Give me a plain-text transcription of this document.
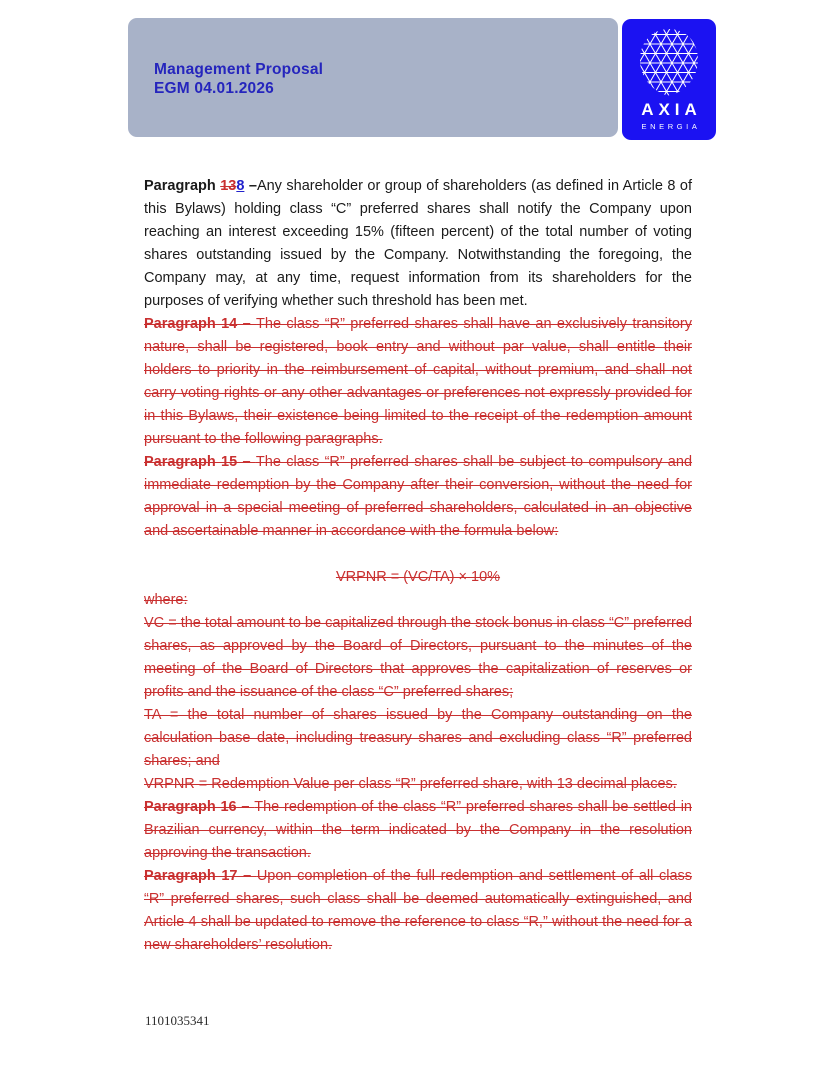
Management Proposal
EGM 04.01.2026
AXIA
ENERGIA

Paragraph 138 –Any shareholder or group of shareholders (as defined in Article 8 of this Bylaws) holding class “C” preferred shares shall notify the Company upon reaching an interest exceeding 15% (fifteen percent) of the total number of voting shares outstanding issued by the Company. Notwithstanding the foregoing, the Company may, at any time, request information from its shareholders for the purposes of verifying whether such threshold has been met.

Paragraph 14 – The class “R” preferred shares shall have an exclusively transitory nature, shall be registered, book entry and without par value, shall entitle their holders to priority in the reimbursement of capital, without premium, and shall not carry voting rights or any other advantages or preferences not expressly provided for in this Bylaws, their existence being limited to the receipt of the redemption amount pursuant to the following paragraphs.

Paragraph 15 – The class “R” preferred shares shall be subject to compulsory and immediate redemption by the Company after their conversion, without the need for approval in a special meeting of preferred shareholders, calculated in an objective and ascertainable manner in accordance with the formula below:

VRPNR = (VC/TA) × 10%

where:

VC = the total amount to be capitalized through the stock bonus in class “C” preferred shares, as approved by the Board of Directors, pursuant to the minutes of the meeting of the Board of Directors that approves the capitalization of reserves or profits and the issuance of the class “C” preferred shares;

TA = the total number of shares issued by the Company outstanding on the calculation base date, including treasury shares and excluding class “R” preferred shares; and

VRPNR = Redemption Value per class “R” preferred share, with 13 decimal places.

Paragraph 16 – The redemption of the class “R” preferred shares shall be settled in Brazilian currency, within the term indicated by the Company in the resolution approving the transaction.

Paragraph 17 – Upon completion of the full redemption and settlement of all class “R” preferred shares, such class shall be deemed automatically extinguished, and Article 4 shall be updated to remove the reference to class “R,” without the need for a new shareholders’ resolution.

1101035341
